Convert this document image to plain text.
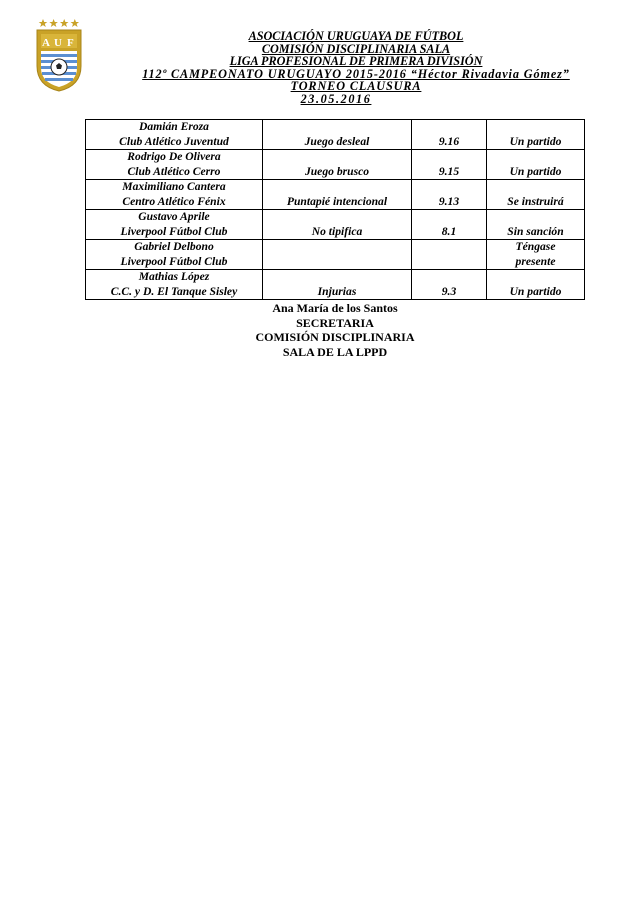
A U F	ASOCIACIÓN URUGUAYA DE FÚTBOL
COMISIÓN DISCIPLINARIA SALA
LIGA PROFESIONAL DE PRIMERA DIVISIÓN
112º CAMPEONATO URUGUAYO 2015-2016 “Héctor Rivadavia Gómez”
TORNEO CLAUSURA
23.05.2016
Damián Eroza
Club Atlético Juventud	Juego desleal	9.16	Un partido

Rodrigo De Olivera
Club Atlético Cerro	Juego brusco	9.15	Un partido

Maximiliano Cantera
Centro Atlético Fénix	Puntapié intencional	9.13	Se instruirá

Gustavo Aprile
Liverpool Fútbol Club	No tipifica	8.1	Sin sanción

Gabriel Delbono
Liverpool Fútbol Club			Téngase presente

Mathias López
C.C. y D. El Tanque Sisley	Injurias	9.3	Un partido
Ana María de los Santos
SECRETARIA
COMISIÓN DISCIPLINARIA
SALA DE LA LPPD
